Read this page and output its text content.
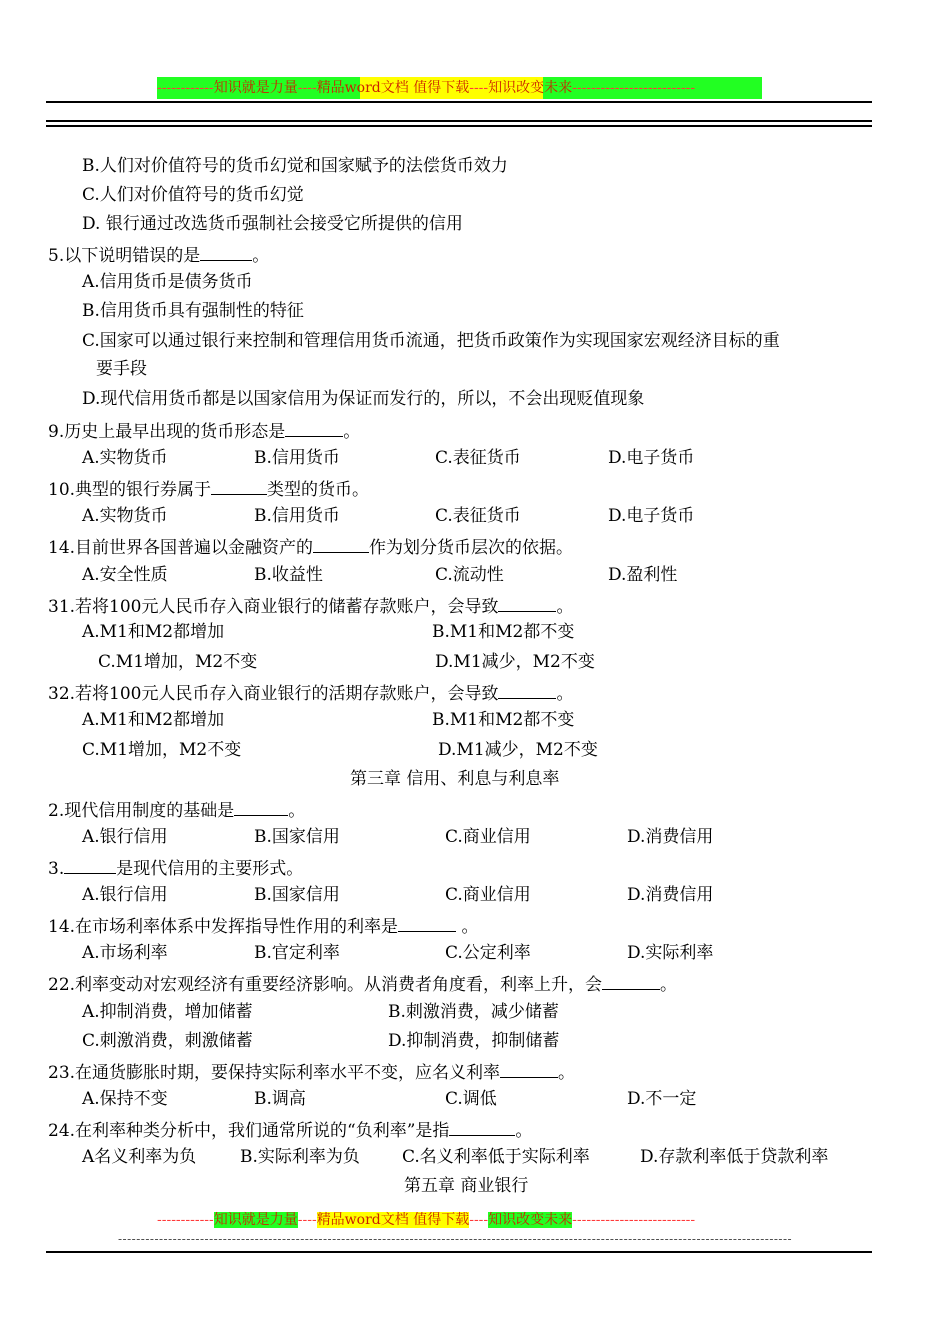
------------知识就是力量----精品word文档 值得下载----知识改变未来--------------------------
B.人们对价值符号的货币幻觉和国家赋予的法偿货币效力
C.人们对价值符号的货币幻觉
D. 银行通过改选货币强制社会接受它所提供的信用
5.以下说明错误的是	。
A.信用货币是债务货币
B.信用货币具有强制性的特征
C.国家可以通过银行来控制和管理信用货币流通，把货币政策作为实现国家宏观经济目标的重
要手段
D.现代信用货币都是以国家信用为保证而发行的，所以，不会出现贬值现象
9.历史上最早出现的货币形态是	。
A.实物货币	B.信用货币	C.表征货币	D.电子货币
10.典型的银行券属于	类型的货币。
A.实物货币	B.信用货币	C.表征货币	D.电子货币
14.目前世界各国普遍以金融资产的	作为划分货币层次的依据。
A.安全性质	B.收益性	C.流动性	D.盈利性
31.若将100元人民币存入商业银行的储蓄存款账户，会导致	。
A.M1和M2都增加	B.M1和M2都不变
C.M1增加，M2不变	D.M1减少，M2不变
32.若将100元人民币存入商业银行的活期存款账户，会导致	。
A.M1和M2都增加	B.M1和M2都不变
C.M1增加，M2不变	D.M1减少，M2不变
第三章 信用、利息与利息率
2.现代信用制度的基础是	。
A.银行信用	B.国家信用	C.商业信用	D.消费信用
3.	是现代信用的主要形式。
A.银行信用	B.国家信用	C.商业信用	D.消费信用
14.在市场利率体系中发挥指导性作用的利率是	。
A.市场利率	B.官定利率	C.公定利率	D.实际利率
22.利率变动对宏观经济有重要经济影响。从消费者角度看，利率上升，会	。
A.抑制消费，增加储蓄	B.刺激消费，减少储蓄
C.刺激消费，刺激储蓄	D.抑制消费，抑制储蓄
23.在通货膨胀时期，要保持实际利率水平不变，应名义利率	。
A.保持不变	B.调高	C.调低	D.不一定
24.在利率种类分析中，我们通常所说的“负利率”是指	。
A名义利率为负	B.实际利率为负 C.名义利率低于实际利率	D.存款利率低于贷款利率
第五章 商业银行
------------知识就是力量----精品word文档 值得下载----知识改变未来--------------------------
----------------------------------------------------------------------------------------------------------------------------------------------------
